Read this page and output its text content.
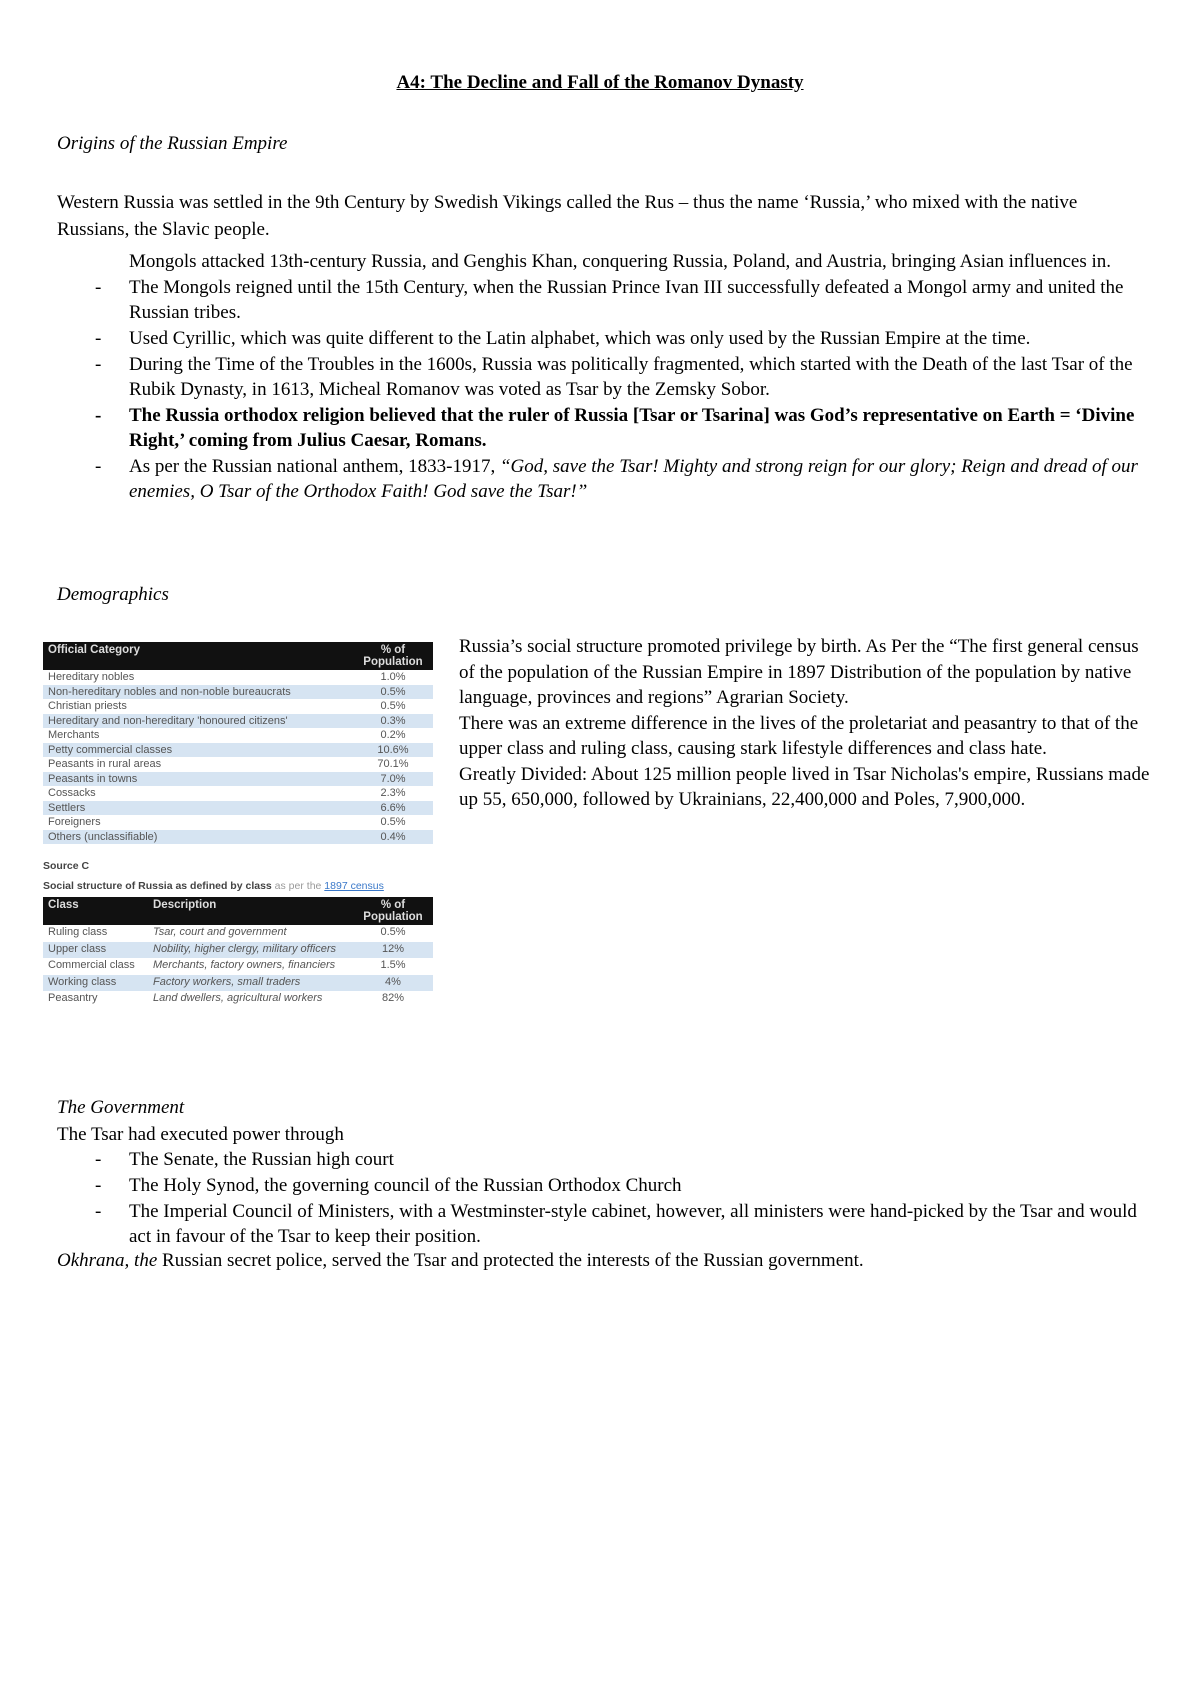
A4: The Decline and Fall of the Romanov Dynasty
Origins of the Russian Empire
Western Russia was settled in the 9th Century by Swedish Vikings called the Rus – thus the name ‘Russia,’ who mixed with the native Russians, the Slavic people.
Mongols attacked 13th-century Russia, and Genghis Khan, conquering Russia, Poland, and Austria, bringing Asian influences in.
- The Mongols reigned until the 15th Century, when the Russian Prince Ivan III successfully defeated a Mongol army and united the Russian tribes.
- Used Cyrillic, which was quite different to the Latin alphabet, which was only used by the Russian Empire at the time.
- During the Time of the Troubles in the 1600s, Russia was politically fragmented, which started with the Death of the last Tsar of the Rubik Dynasty, in 1613, Micheal Romanov was voted as Tsar by the Zemsky Sobor.
- The Russia orthodox religion believed that the ruler of Russia [Tsar or Tsarina] was God’s representative on Earth = ‘Divine Right,’ coming from Julius Caesar, Romans.
- As per the Russian national anthem, 1833-1917, “God, save the Tsar! Mighty and strong reign for our glory; Reign and dread of our enemies, O Tsar of the Orthodox Faith! God save the Tsar!”
Demographics
Official Category	% of Population
Hereditary nobles	1.0%
Non-hereditary nobles and non-noble bureaucrats	0.5%
Christian priests	0.5%
Hereditary and non-hereditary 'honoured citizens'	0.3%
Merchants	0.2%
Petty commercial classes	10.6%
Peasants in rural areas	70.1%
Peasants in towns	7.0%
Cossacks	2.3%
Settlers	6.6%
Foreigners	0.5%
Others (unclassifiable)	0.4%
Source C
Social structure of Russia as defined by class as per the 1897 census
Class	Description	% of Population
Ruling class	Tsar, court and government	0.5%
Upper class	Nobility, higher clergy, military officers	12%
Commercial class	Merchants, factory owners, financiers	1.5%
Working class	Factory workers, small traders	4%
Peasantry	Land dwellers, agricultural workers	82%

Russia’s social structure promoted privilege by birth. As Per the “The first general census of the population of the Russian Empire in 1897 Distribution of the population by native language, provinces and regions” Agrarian Society.

There was an extreme difference in the lives of the proletariat and peasantry to that of the upper class and ruling class, causing stark lifestyle differences and class hate.

Greatly Divided: About 125 million people lived in Tsar Nicholas's empire, Russians made up 55, 650,000, followed by Ukrainians, 22,400,000 and Poles, 7,900,000.

The Government
The Tsar had executed power through
- The Senate, the Russian high court
- The Holy Synod, the governing council of the Russian Orthodox Church
- The Imperial Council of Ministers, with a Westminster-style cabinet, however, all ministers were hand-picked by the Tsar and would act in favour of the Tsar to keep their position.
Okhrana, the Russian secret police, served the Tsar and protected the interests of the Russian government.
